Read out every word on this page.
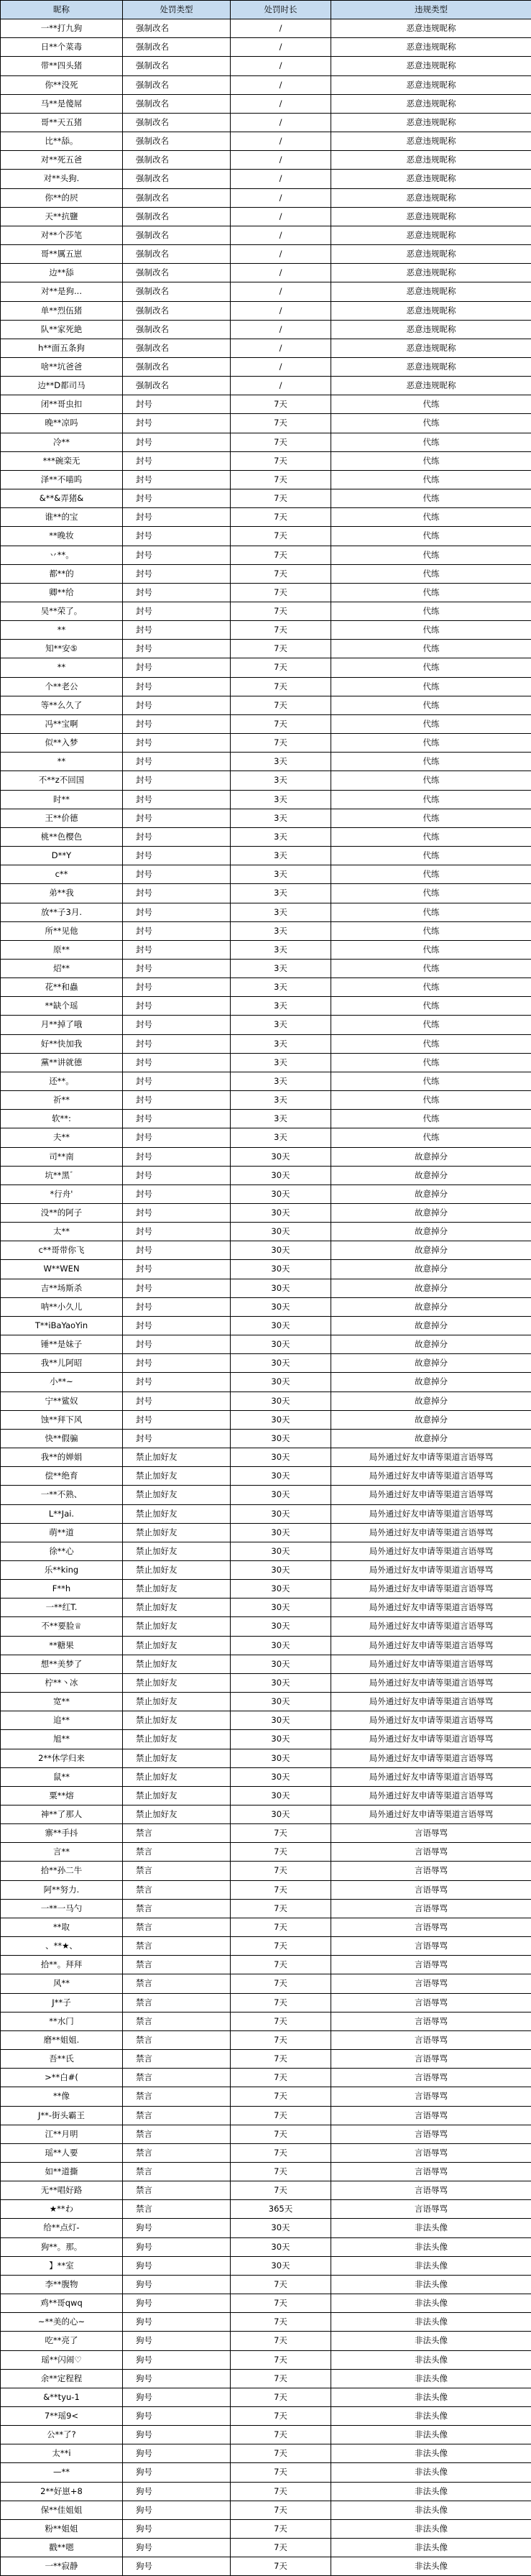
昵称	处罚类型	处罚时长	违规类型
一**打九狗	强制改名	/	恶意违规昵称
日**个菜毒	强制改名	/	恶意违规昵称
带**四头猪	强制改名	/	恶意违规昵称
你**没死	强制改名	/	恶意违规昵称
马**是傻屌	强制改名	/	恶意违规昵称
哥**天五猪	强制改名	/	恶意违规昵称
比**舔。	强制改名	/	恶意违规昵称
对**死五爸	强制改名	/	恶意违规昵称
对**头狗.	强制改名	/	恶意违规昵称
你**的屄	强制改名	/	恶意违规昵称
天**抗鹽	强制改名	/	恶意违规昵称
对**个莎笔	强制改名	/	恶意违规昵称
哥**厲五崽	强制改名	/	恶意违规昵称
边**舔	强制改名	/	恶意违规昵称
对**是狗...	强制改名	/	恶意违规昵称
单**烈伍猪	强制改名	/	恶意违规昵称
队**家死絶	强制改名	/	恶意违规昵称
h**面五条狗	强制改名	/	恶意违规昵称
啥**坑爸爸	强制改名	/	恶意违规昵称
边**D都司马	强制改名	/	恶意违规昵称
闭**哥虫扣	封号	7天	代练
晚**凉吗	封号	7天	代练
冷**	封号	7天	代练
***碗栾无	封号	7天	代练
泽**不喵呜	封号	7天	代练
&**&弄猪&	封号	7天	代练
谁**的宝	封号	7天	代练
**晚妆	封号	7天	代练
丷**。	封号	7天	代练
都**的	封号	7天	代练
卿**给	封号	7天	代练
吴**荣了。	封号	7天	代练
**	封号	7天	代练
知**安⑤	封号	7天	代练
**	封号	7天	代练
个**老公	封号	7天	代练
等**么久了	封号	7天	代练
冯**宝啊	封号	7天	代练
似**入梦	封号	7天	代练
**	封号	3天	代练
不**z不回国	封号	3天	代练
时**	封号	3天	代练
王**价德	封号	3天	代练
桃**色樱色	封号	3天	代练
D**Y	封号	3天	代练
c**	封号	3天	代练
弟**我	封号	3天	代练
放**子3月.	封号	3天	代练
所**见他	封号	3天	代练
原**	封号	3天	代练
炤**	封号	3天	代练
花**和蟲	封号	3天	代练
**缺个瑶	封号	3天	代练
月**掉了哦	封号	3天	代练
好**快加我	封号	3天	代练
黨**讲就德	封号	3天	代练
还**。	封号	3天	代练
祈**	封号	3天	代练
软**:	封号	3天	代练
夫**	封号	3天	代练
司**南	封号	30天	故意掉分
坑**黑゛	封号	30天	故意掉分
*行舟'	封号	30天	故意掉分
没**的阿子	封号	30天	故意掉分
太**	封号	30天	故意掉分
c**哥带你飞	封号	30天	故意掉分
W**WEN	封号	30天	故意掉分
吉**场斯杀	封号	30天	故意掉分
呐**小久儿	封号	30天	故意掉分
T**iBaYaoYin	封号	30天	故意掉分
锤**是妹子	封号	30天	故意掉分
我**儿阿昭	封号	30天	故意掉分
小**~	封号	30天	故意掉分
宁**鲨奴	封号	30天	故意掉分
蚀**拜下风	封号	30天	故意掉分
快**假骗	封号	30天	故意掉分
我**的婵娟	禁止加好友	30天	局外通过好友申请等渠道言语辱骂
偿**绝育	禁止加好友	30天	局外通过好友申请等渠道言语辱骂
一**不熟、	禁止加好友	30天	局外通过好友申请等渠道言语辱骂
L**Jai.	禁止加好友	30天	局外通过好友申请等渠道言语辱骂
萌**道	禁止加好友	30天	局外通过好友申请等渠道言语辱骂
徐**心	禁止加好友	30天	局外通过好友申请等渠道言语辱骂
乐**king	禁止加好友	30天	局外通过好友申请等渠道言语辱骂
F**h	禁止加好友	30天	局外通过好友申请等渠道言语辱骂
一**红T.	禁止加好友	30天	局外通过好友申请等渠道言语辱骂
不**要脸♕	禁止加好友	30天	局外通过好友申请等渠道言语辱骂
**糖果	禁止加好友	30天	局外通过好友申请等渠道言语辱骂
想**美梦了	禁止加好友	30天	局外通过好友申请等渠道言语辱骂
柠**丶冰	禁止加好友	30天	局外通过好友申请等渠道言语辱骂
宽**	禁止加好友	30天	局外通过好友申请等渠道言语辱骂
追**	禁止加好友	30天	局外通过好友申请等渠道言语辱骂
旭**	禁止加好友	30天	局外通过好友申请等渠道言语辱骂
2**休学归来	禁止加好友	30天	局外通过好友申请等渠道言语辱骂
鼠**	禁止加好友	30天	局外通过好友申请等渠道言语辱骂
粟**熔	禁止加好友	30天	局外通过好友申请等渠道言语辱骂
神**了那人	禁止加好友	30天	局外通过好友申请等渠道言语辱骂
寨**手抖	禁言	7天	言语辱骂
言**	禁言	7天	言语辱骂
拾**孙二牛	禁言	7天	言语辱骂
阿**努力.	禁言	7天	言语辱骂
一**一马勺	禁言	7天	言语辱骂
**取	禁言	7天	言语辱骂
、**★、	禁言	7天	言语辱骂
拾**。拜拜	禁言	7天	言语辱骂
风**	禁言	7天	言语辱骂
J**子	禁言	7天	言语辱骂
**水门	禁言	7天	言语辱骂
磨**姐姐.	禁言	7天	言语辱骂
吾**氏	禁言	7天	言语辱骂
>**白#(	禁言	7天	言语辱骂
**像	禁言	7天	言语辱骂
J**-街头霸王	禁言	7天	言语辱骂
江**月明	禁言	7天	言语辱骂
瑶**人要	禁言	7天	言语辱骂
如**道撕	禁言	7天	言语辱骂
无**唱好路	禁言	7天	言语辱骂
★**わ	禁言	365天	言语辱骂
给**点灯-	狗号	30天	非法头像
狗**。那。	狗号	30天	非法头像
】**室	狗号	30天	非法头像
李**腹物	狗号	7天	非法头像
鸡**哥qwq	狗号	7天	非法头像
~**美的心~	狗号	7天	非法头像
吃**亮了	狗号	7天	非法头像
瑶**闪闹♡	狗号	7天	非法头像
余**定程程	狗号	7天	非法头像
&**tyu-1	狗号	7天	非法头像
7**瑶9<	狗号	7天	非法头像
公**了?	狗号	7天	非法头像
太**i	狗号	7天	非法头像
—**	狗号	7天	非法头像
2**好崽+8	狗号	7天	非法头像
保**佳姐姐	狗号	7天	非法头像
粉**姐姐	狗号	7天	非法头像
戳**嗯	狗号	7天	非法头像
一**寂静	狗号	7天	非法头像
